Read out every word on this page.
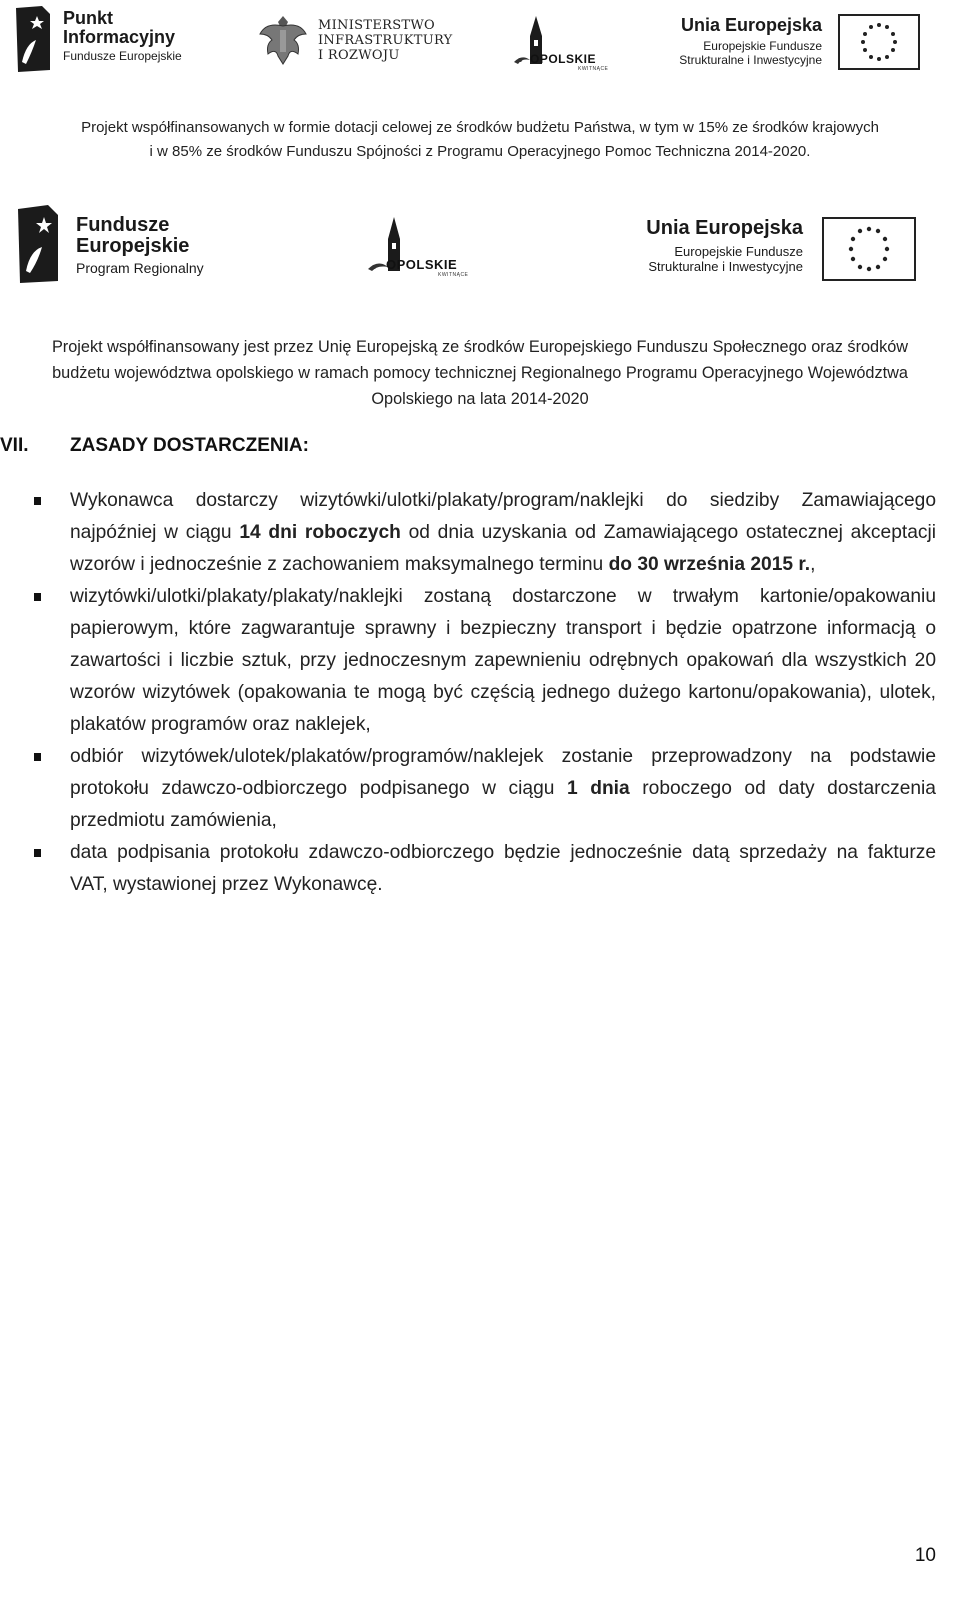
Punkt
Informacyjny
Fundusze Europejskie
MINISTERSTWO
INFRASTRUKTURY
I ROZWOJU	OPOLSKIE
KWITNĄCE
Unia Europejska
Europejskie Fundusze
Strukturalne i Inwestycyjne
Projekt współfinansowanych w formie dotacji celowej ze środków budżetu Państwa, w tym w 15% ze środków krajowych
i w 85% ze środków Funduszu Spójności z Programu Operacyjnego Pomoc Techniczna 2014-2020.
Fundusze
Europejskie
Program Regionalny	OPOLSKIE
KWITNĄCE
Unia Europejska
Europejskie Fundusze
Strukturalne i Inwestycyjne
Projekt współfinansowany jest przez Unię Europejską ze środków Europejskiego Funduszu Społecznego oraz środków
budżetu województwa opolskiego w ramach pomocy technicznej Regionalnego Programu Operacyjnego Województwa
Opolskiego na lata 2014-2020
VII. ZASADY DOSTARCZENIA:
Wykonawca dostarczy wizytówki/ulotki/plakaty/program/naklejki do siedziby Zamawiającego najpóźniej w ciągu 14 dni roboczych od dnia uzyskania od Zamawiającego ostatecznej akceptacji wzorów i jednocześnie z zachowaniem maksymalnego terminu do 30 września 2015 r.,
wizytówki/ulotki/plakaty/plakaty/naklejki zostaną dostarczone w trwałym kartonie/opakowaniu papierowym, które zagwarantuje sprawny i bezpieczny transport i będzie opatrzone informacją o zawartości i liczbie sztuk, przy jednoczesnym zapewnieniu odrębnych opakowań dla wszystkich 20 wzorów wizytówek (opakowania te mogą być częścią jednego dużego kartonu/opakowania), ulotek, plakatów programów oraz naklejek,
odbiór wizytówek/ulotek/plakatów/programów/naklejek zostanie przeprowadzony na podstawie protokołu zdawczo-odbiorczego podpisanego w ciągu 1 dnia roboczego od daty dostarczenia przedmiotu zamówienia,
data podpisania protokołu zdawczo-odbiorczego będzie jednocześnie datą sprzedaży na fakturze VAT, wystawionej przez Wykonawcę.
10
